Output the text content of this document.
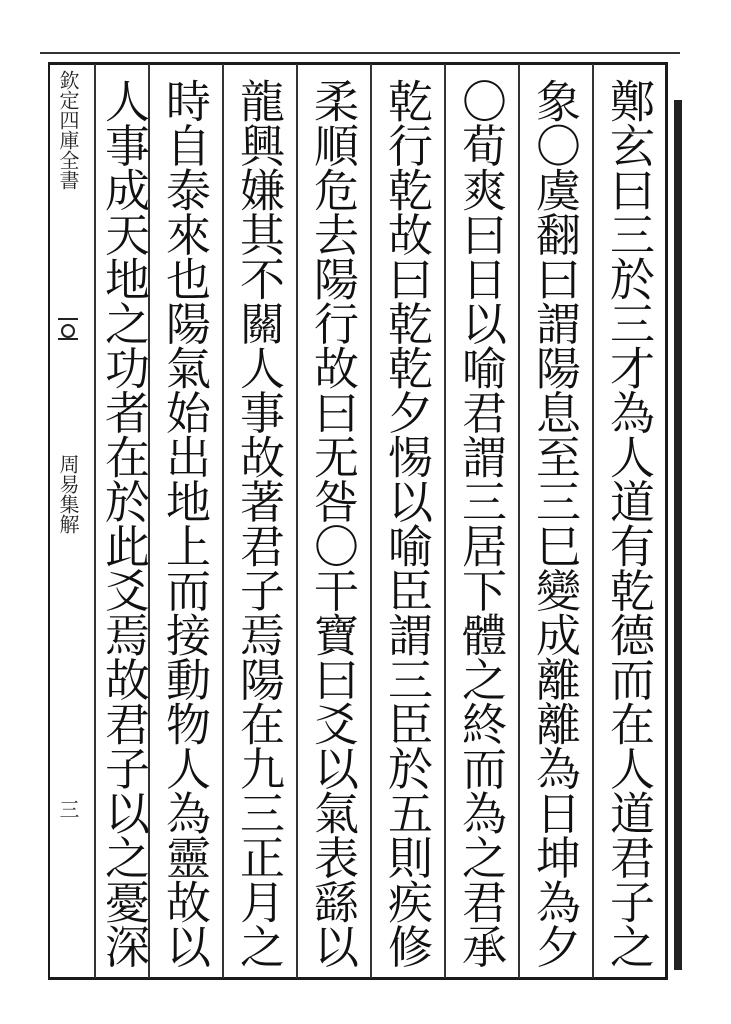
欽定四庫全書
周易集解
三	鄭玄曰三於三才為人道有乾德而在人道君子之
象〇虞翻曰謂陽息至三巳變成離離為日坤為夕
〇荀爽曰日以喻君謂三居下體之終而為之君承
乾行乾故曰乾乾夕惕以喻臣謂三臣於五則疾修
柔順危去陽行故曰无咎〇干寶曰爻以氣表繇以
龍興嫌其不關人事故著君子焉陽在九三正月之
時自泰來也陽氣始出地上而接動物人為靈故以
人事成天地之功者在於此爻焉故君子以之憂深
